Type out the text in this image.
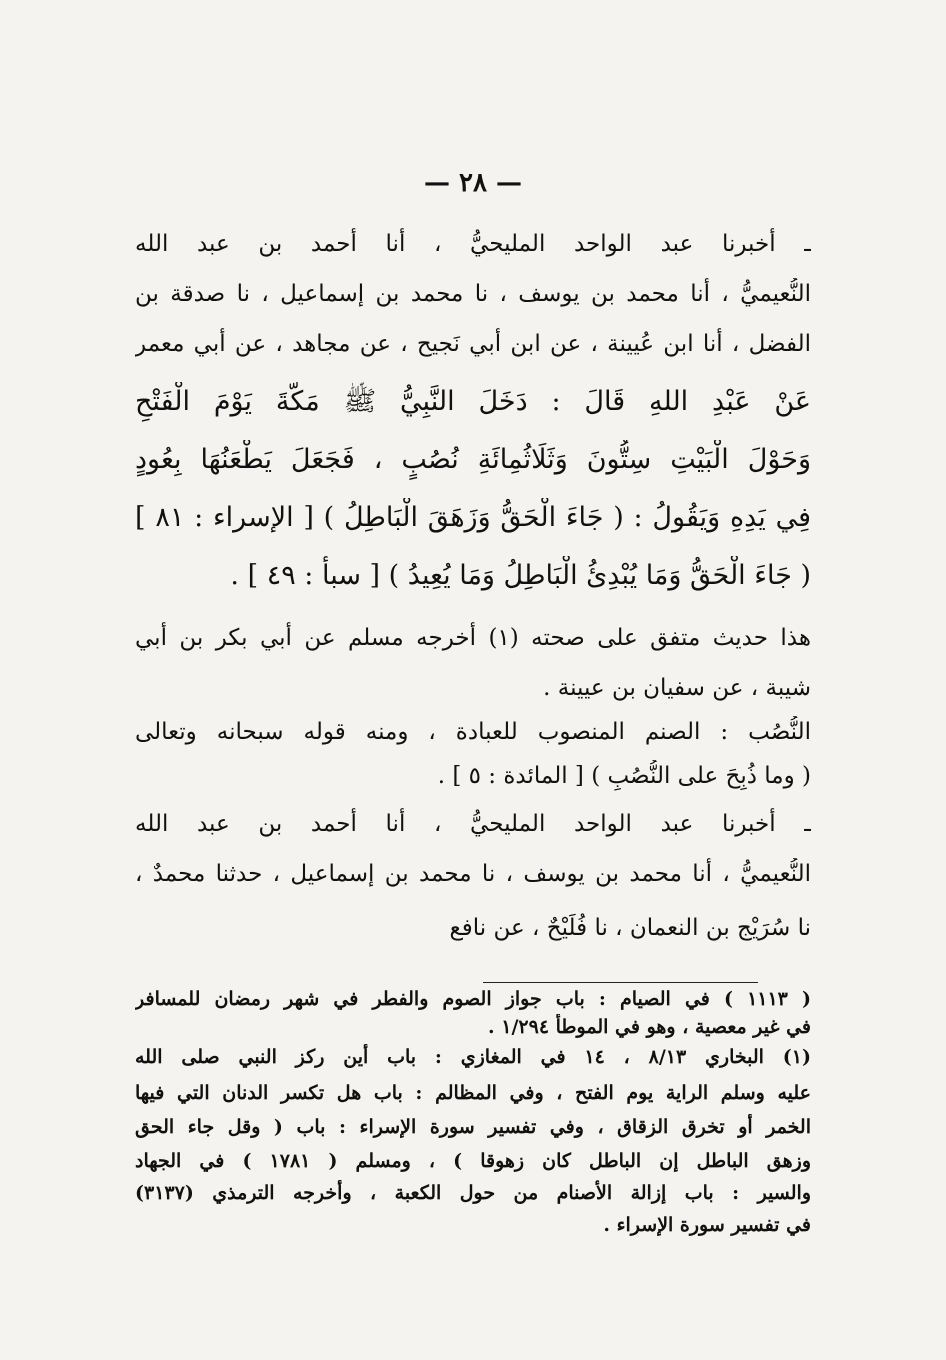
— ٢٨ —
ـ أخبرنا عبد الواحد المليحيُّ ، أنا أحمد بن عبد الله
النُّعيميُّ ، أنا محمد بن يوسف ، نا محمد بن إسماعيل ، نا صدقة بن
الفضل ، أنا ابن عُيينة ، عن ابن أبي نَجيح ، عن مجاهد ، عن أبي معمر
عَنْ عَبْدِ اللهِ قَالَ : دَخَلَ النَّبِيُّ ﷺ مَكَّةَ يَوْمَ الْفَتْحِ
وَحَوْلَ الْبَيْتِ سِتُّونَ وَثَلَاثُمِائَةِ نُصُبٍ ، فَجَعَلَ يَطْعَنُهَا بِعُودٍ
فِي يَدِهِ وَيَقُولُ : ( جَاءَ الْحَقُّ وَزَهَقَ الْبَاطِلُ ) [ الإسراء : ٨١ ]
( جَاءَ الْحَقُّ وَمَا يُبْدِئُ الْبَاطِلُ وَمَا يُعِيدُ ) [ سبأ : ٤٩ ] .
هذا حديث متفق على صحته (١) أخرجه مسلم عن أبي بكر بن أبي
شيبة ، عن سفيان بن عيينة .
النُّصُب : الصنم المنصوب للعبادة ، ومنه قوله سبحانه وتعالى
( وما ذُبِحَ على النُّصُبِ ) [ المائدة : ٥ ] .
ـ أخبرنا عبد الواحد المليحيُّ ، أنا أحمد بن عبد الله
النُّعيميُّ ، أنا محمد بن يوسف ، نا محمد بن إسماعيل ، حدثنا محمدٌ ،
نا سُرَيْج بن النعمان ، نا فُلَيْحٌ ، عن نافع
( ١١١٣ ) في الصيام : باب جواز الصوم والفطر في شهر رمضان للمسافر
في غير معصية ، وهو في الموطأ ١/٢٩٤ .
(١) البخاري ٨/١٣ ، ١٤ في المغازي : باب أين ركز النبي صلى الله
عليه وسلم الراية يوم الفتح ، وفي المظالم : باب هل تكسر الدنان التي فيها
الخمر أو تخرق الزقاق ، وفي تفسير سورة الإسراء : باب ( وقل جاء الحق
وزهق الباطل إن الباطل كان زهوقا ) ، ومسلم ( ١٧٨١ ) في الجهاد
والسير : باب إزالة الأصنام من حول الكعبة ، وأخرجه الترمذي (٣١٣٧)
في تفسير سورة الإسراء .
